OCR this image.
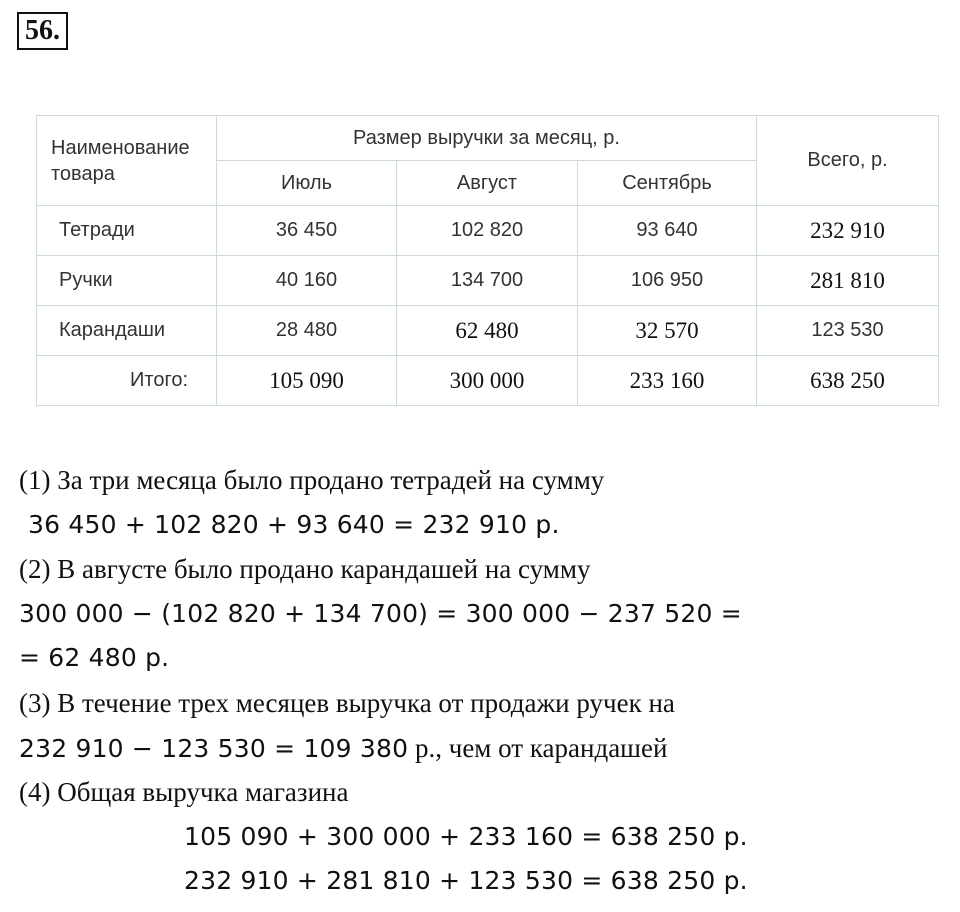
56.
Наименование
товара	Размер выручки за месяц, р.			Всего, р.
	Июль	Август	Сентябрь	
Тетради	36 450	102 820	93 640	232 910
Ручки	40 160	134 700	106 950	281 810
Карандаши	28 480	62 480	32 570	123 530
Итого:	105 090	300 000	233 160	638 250
(1) За три месяца было продано тетрадей на сумму
36 450 + 102 820 + 93 640 = 232 910 р.
(2) В августе было продано карандашей на сумму
300 000 − (102 820 + 134 700) = 300 000 − 237 520 =
= 62 480 р.
(3) В течение трех месяцев выручка от продажи ручек на
232 910 − 123 530 = 109 380 р., чем от карандашей
(4) Общая выручка магазина
105 090 + 300 000 + 233 160 = 638 250 р.
232 910 + 281 810 + 123 530 = 638 250 р.
